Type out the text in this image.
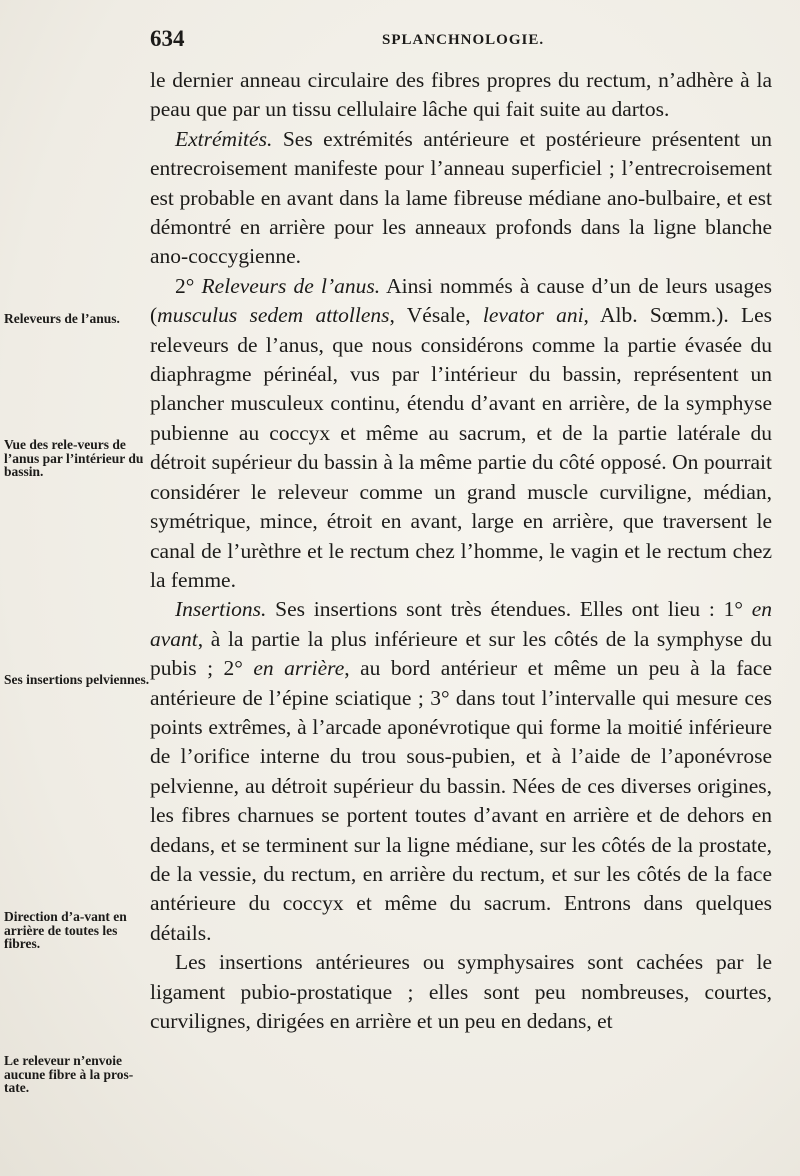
634	SPLANCHNOLOGIE.
Releveurs de l’anus.
Vue des rele-veurs de l’anus par l’intérieur du bassin.
Ses insertions pelviennes.
Direction d’a-vant en arrière de toutes les fibres.
Le releveur n’envoie aucune fibre à la pros-tate.

le dernier anneau circulaire des fibres propres du rectum, n’adhère à la peau que par un tissu cellulaire lâche qui fait suite au dartos.

Extrémités. Ses extrémités antérieure et postérieure présentent un entrecroisement manifeste pour l’anneau superficiel ; l’entrecroisement est probable en avant dans la lame fibreuse médiane ano-bulbaire, et est démontré en arrière pour les anneaux profonds dans la ligne blanche ano-coccygienne.

2° Releveurs de l’anus. Ainsi nommés à cause d’un de leurs usages (musculus sedem attollens, Vésale, levator ani, Alb. Sœmm.). Les releveurs de l’anus, que nous considérons comme la partie évasée du diaphragme périnéal, vus par l’intérieur du bassin, représentent un plancher musculeux continu, étendu d’avant en arrière, de la symphyse pubienne au coccyx et même au sacrum, et de la partie latérale du détroit supérieur du bassin à la même partie du côté opposé. On pourrait considérer le releveur comme un grand muscle curviligne, médian, symétrique, mince, étroit en avant, large en arrière, que traversent le canal de l’urèthre et le rectum chez l’homme, le vagin et le rectum chez la femme.

Insertions. Ses insertions sont très étendues. Elles ont lieu : 1° en avant, à la partie la plus inférieure et sur les côtés de la symphyse du pubis ; 2° en arrière, au bord antérieur et même un peu à la face antérieure de l’épine sciatique ; 3° dans tout l’intervalle qui mesure ces points extrêmes, à l’arcade aponévrotique qui forme la moitié inférieure de l’orifice interne du trou sous-pubien, et à l’aide de l’aponévrose pelvienne, au détroit supérieur du bassin. Nées de ces diverses origines, les fibres charnues se portent toutes d’avant en arrière et de dehors en dedans, et se terminent sur la ligne médiane, sur les côtés de la prostate, de la vessie, du rectum, en arrière du rectum, et sur les côtés de la face antérieure du coccyx et même du sacrum. Entrons dans quelques détails.

Les insertions antérieures ou symphysaires sont cachées par le ligament pubio-prostatique ; elles sont peu nombreuses, courtes, curvilignes, dirigées en arrière et un peu en dedans, et
